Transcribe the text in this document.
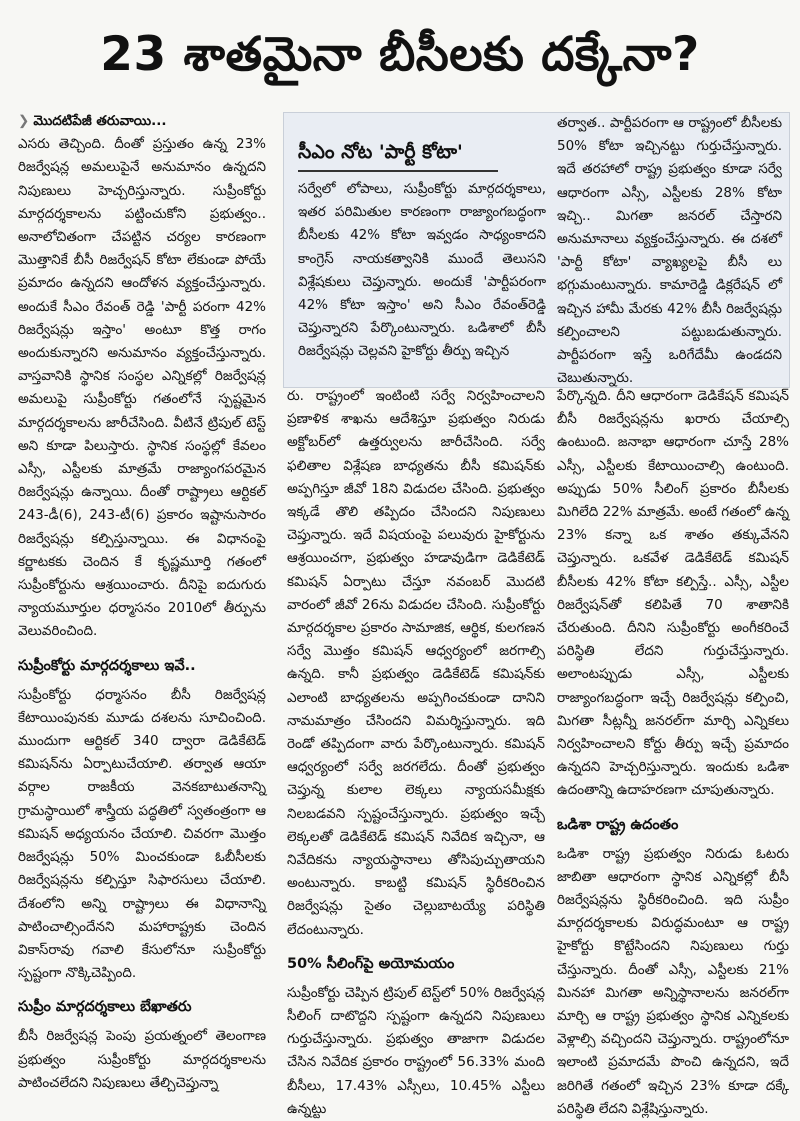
23 శాతమైనా బీసీలకు దక్కేనా?
❯ మొదటిపేజీ తరువాయి...

ఎసరు తెచ్చింది. దీంతో ప్రస్తుతం ఉన్న 23% రిజర్వేషన్ల అమలుపైనే అనుమానం ఉన్నదని నిపుణులు హెచ్చరిస్తున్నారు. సుప్రీంకోర్టు మార్గదర్శకాలను పట్టించుకోని ప్రభుత్వం.. అనాలోచితంగా చేపట్టిన చర్యల కారణంగా మొత్తానికే బీసీ రిజర్వేషన్‌ కోటా లేకుండా పోయే ప్రమాదం ఉన్నదని ఆందోళన వ్యక్తంచేస్తున్నారు. అందుకే సీఎం రేవంత్‌ రెడ్డి 'పార్టీ పరంగా 42% రిజర్వేషన్లు ఇస్తాం' అంటూ కొత్త రాగం అందుకున్నారని అనుమానం వ్యక్తంచేస్తున్నారు. వాస్తవానికి స్థానిక సంస్థల ఎన్నికల్లో రిజర్వేషన్ల అమలుపై సుప్రీంకోర్టు గతంలోనే స్పష్టమైన మార్గదర్శకాలను జారీచేసింది. వీటినే ట్రిపుల్‌ టెస్ట్‌ అని కూడా పిలుస్తారు. స్థానిక సంస్థల్లో కేవలం ఎస్సీ, ఎస్టీలకు మాత్రమే రాజ్యాంగపరమైన రిజర్వేషన్లు ఉన్నాయి. దీంతో రాష్ట్రాలు ఆర్టికల్‌ 243-డీ(6), 243-టీ(6) ప్రకారం ఇష్టానుసారం రిజర్వేషన్లు కల్పిస్తున్నాయి. ఈ విధానంపై కర్ణాటకకు చెందిన కే కృష్ణమూర్తి గతంలో సుప్రీంకోర్టును ఆశ్రయించారు. దీనిపై ఐదుగురు న్యాయమూర్తుల ధర్మాసనం 2010లో తీర్పును వెలువరించింది.

సుప్రీంకోర్టు మార్గదర్శకాలు ఇవే..

సుప్రీంకోర్టు ధర్మాసనం బీసీ రిజర్వేషన్ల కేటాయింపునకు మూడు దశలను సూచించింది. ముందుగా ఆర్టికల్‌ 340 ద్వారా డెడికేటెడ్‌ కమిషన్‌ను ఏర్పాటుచేయాలి. తర్వాత ఆయా వర్గాల రాజకీయ వెనకబాటుతనాన్ని గ్రామస్థాయిలో శాస్త్రీయ పద్ధతిలో స్వతంత్రంగా ఆ కమిషన్‌ అధ్యయనం చేయాలి. చివరగా మొత్తం రిజర్వేషన్లు 50% మించకుండా ఓబీసీలకు రిజర్వేషన్లను కల్పిస్తూ సిఫారసులు చేయాలి. దేశంలోని అన్ని రాష్ట్రాలు ఈ విధానాన్ని పాటించాల్సిందేనని మహారాష్ట్రకు చెందిన వికాస్‌రావు గవాలి కేసులోనూ సుప్రీంకోర్టు స్పష్టంగా నొక్కిచెప్పింది.

సుప్రీం మార్గదర్శకాలు బేఖాతరు

బీసీ రిజర్వేషన్ల పెంపు ప్రయత్నంలో తెలంగాణ ప్రభుత్వం సుప్రీంకోర్టు మార్గదర్శకాలను పాటించలేదని నిపుణులు తేల్చిచెప్తున్నా

సీఎం నోట 'పార్టీ కోటా'
సర్వేలో లోపాలు, సుప్రీంకోర్టు మార్గదర్శకాలు, ఇతర పరిమితుల కారణంగా రాజ్యాంగబద్ధంగా బీసీలకు 42% కోటా ఇవ్వడం సాధ్యంకాదని కాంగ్రెస్‌ నాయకత్వానికి ముందే తెలుసని విశ్లేషకులు చెప్తున్నారు. అందుకే 'పార్టీపరంగా 42% కోటా ఇస్తాం' అని సీఎం రేవంత్‌రెడ్డి చెప్తున్నారని పేర్కొంటున్నారు. ఒడిశాలో బీసీ రిజర్వేషన్లు చెల్లవని హైకోర్టు తీర్పు ఇచ్చిన
తర్వాత.. పార్టీపరంగా ఆ రాష్ట్రంలో బీసీలకు 50% కోటా ఇచ్చినట్టు గుర్తుచేస్తున్నారు. ఇదే తరహాలో రాష్ట్ర ప్రభుత్వం కూడా సర్వే ఆధారంగా ఎస్సీ, ఎస్టీలకు 28% కోటా ఇచ్చి.. మిగతా జనరల్‌ చేస్తారని అనుమానాలు వ్యక్తంచేస్తున్నారు. ఈ దశలో 'పార్టీ కోటా' వ్యాఖ్యలపై బీసీ లు భగ్గుమంటున్నారు. కామారెడ్డి డిక్లరేషన్‌ లో ఇచ్చిన హామీ మేరకు 42% బీసీ రిజర్వేషన్లు కల్పించాలని పట్టుబడుతున్నారు. పార్టీపరంగా ఇస్తే ఒరిగేదేమీ ఉండదని చెబుతున్నారు.

రు. రాష్ట్రంలో ఇంటింటి సర్వే నిర్వహించాలని ప్రణాళిక శాఖను ఆదేశిస్తూ ప్రభుత్వం నిరుడు అక్టోబర్‌లో ఉత్తర్వులను జారీచేసింది. సర్వే ఫలితాల విశ్లేషణ బాధ్యతను బీసీ కమిషన్‌కు అప్పగిస్తూ జీవో 18ని విడుదల చేసింది. ప్రభుత్వం ఇక్కడే తొలి తప్పిదం చేసిందని నిపుణులు చెప్తున్నారు. ఇదే విషయంపై పలువురు హైకోర్టును ఆశ్రయించగా, ప్రభుత్వం హడావుడిగా డెడికేటెడ్‌ కమిషన్‌ ఏర్పాటు చేస్తూ నవంబర్‌ మొదటి వారంలో జీవో 26ను విడుదల చేసింది. సుప్రీంకోర్టు మార్గదర్శకాల ప్రకారం సామాజిక, ఆర్థిక, కులగణన సర్వే మొత్తం కమిషన్‌ ఆధ్వర్యంలో జరగాల్సి ఉన్నది. కానీ ప్రభుత్వం డెడికేటెడ్‌ కమిషన్‌కు ఎలాంటి బాధ్యతలను అప్పగించకుండా దానిని నామమాత్రం చేసిందని విమర్శిస్తున్నారు. ఇది రెండో తప్పిదంగా వారు పేర్కొంటున్నారు. కమిషన్‌ ఆధ్వర్యంలో సర్వే జరగలేదు. దీంతో ప్రభుత్వం చెప్తున్న కులాల లెక్కలు న్యాయసమీక్షకు నిలబడవని స్పష్టంచేస్తున్నారు. ప్రభుత్వం ఇచ్చే లెక్కలతో డెడికేటెడ్‌ కమిషన్‌ నివేదిక ఇచ్చినా, ఆ నివేదికను న్యాయస్థానాలు తోసిపుచ్చుతాయని అంటున్నారు. కాబట్టి కమిషన్‌ స్థిరీకరించిన రిజర్వేషన్లు సైతం చెల్లుబాటయ్యే పరిస్థితి లేదంటున్నారు.

50% సీలింగ్‌పై అయోమయం

సుప్రీంకోర్టు చెప్పిన ట్రిపుల్‌ టెస్ట్‌లో 50% రిజర్వేషన్ల సీలింగ్‌ దాటొద్దని స్పష్టంగా ఉన్నదని నిపుణులు గుర్తుచేస్తున్నారు. ప్రభుత్వం తాజాగా విడుదల చేసిన నివేదిక ప్రకారం రాష్ట్రంలో 56.33% మంది బీసీలు, 17.43% ఎస్సీలు, 10.45% ఎస్టీలు ఉన్నట్టు

పేర్కొన్నది. దీని ఆధారంగా డెడికేషన్‌ కమిషన్‌ బీసీ రిజర్వేషన్లను ఖరారు చేయాల్సి ఉంటుంది. జనాభా ఆధారంగా చూస్తే 28% ఎస్సీ, ఎస్టీలకు కేటాయించాల్సి ఉంటుంది. అప్పుడు 50% సీలింగ్‌ ప్రకారం బీసీలకు మిగిలేది 22% మాత్రమే. అంటే గతంలో ఉన్న 23% కన్నా ఒక శాతం తక్కువేనని చెప్తున్నారు. ఒకవేళ డెడికేటెడ్‌ కమిషన్‌ బీసీలకు 42% కోటా కల్పిస్తే.. ఎస్సీ, ఎస్టీల రిజర్వేషన్‌తో కలిపితే 70 శాతానికి చేరుతుంది. దీనిని సుప్రీంకోర్టు అంగీకరించే పరిస్థితి లేదని గుర్తుచేస్తున్నారు. అలాంటప్పుడు ఎస్సీ, ఎస్టీలకు రాజ్యాంగబద్ధంగా ఇచ్చే రిజర్వేషన్లు కల్పించి, మిగతా సీట్లన్నీ జనరల్‌గా మార్చి ఎన్నికలు నిర్వహించాలని కోర్టు తీర్పు ఇచ్చే ప్రమాదం ఉన్నదని హెచ్చరిస్తున్నారు. ఇందుకు ఒడిశా ఉదంతాన్ని ఉదాహరణగా చూపుతున్నారు.

ఒడిశా రాష్ట్ర ఉదంతం

ఒడిశా రాష్ట్ర ప్రభుత్వం నిరుడు ఓటరు జాబితా ఆధారంగా స్థానిక ఎన్నికల్లో బీసీ రిజర్వేషన్లను స్థిరీకరించింది. ఇది సుప్రీం మార్గదర్శకాలకు విరుద్ధమంటూ ఆ రాష్ట్ర హైకోర్టు కొట్టేసిందని నిపుణులు గుర్తు చేస్తున్నారు. దీంతో ఎస్సీ, ఎస్టీలకు 21% మినహా మిగతా అన్నిస్థానాలను జనరల్‌గా మార్చి ఆ రాష్ట్ర ప్రభుత్వం స్థానిక ఎన్నికలకు వెళ్లాల్సి వచ్చిందని చెప్తున్నారు. రాష్ట్రంలోనూ ఇలాంటి ప్రమాదమే పొంచి ఉన్నదని, ఇదే జరిగితే గతంలో ఇచ్చిన 23% కూడా దక్కే పరిస్థితి లేదని విశ్లేషిస్తున్నారు.
